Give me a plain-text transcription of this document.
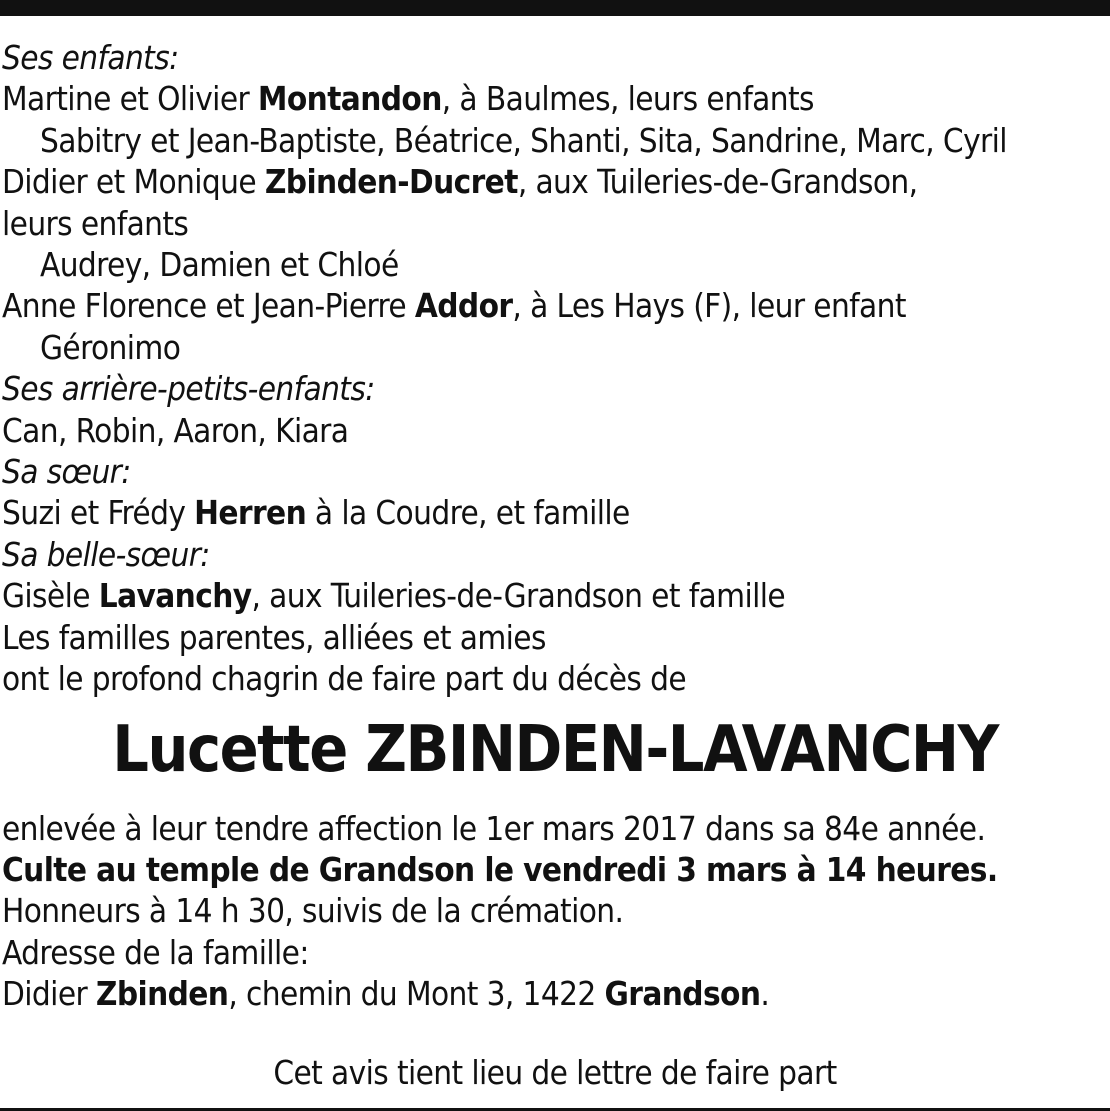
Ses enfants:
Martine et Olivier Montandon, à Baulmes, leurs enfants
Sabitry et Jean-Baptiste, Béatrice, Shanti, Sita, Sandrine, Marc, Cyril
Didier et Monique Zbinden-Ducret, aux Tuileries-de-Grandson,
leurs enfants
Audrey, Damien et Chloé
Anne Florence et Jean-Pierre Addor, à Les Hays (F), leur enfant
Géronimo
Ses arrière-petits-enfants:
Can, Robin, Aaron, Kiara
Sa sœur:
Suzi et Frédy Herren à la Coudre, et famille
Sa belle-sœur:
Gisèle Lavanchy, aux Tuileries-de-Grandson et famille
Les familles parentes, alliées et amies
ont le profond chagrin de faire part du décès de
Lucette ZBINDEN-LAVANCHY
enlevée à leur tendre affection le 1er mars 2017 dans sa 84e année.
Culte au temple de Grandson le vendredi 3 mars à 14 heures.
Honneurs à 14 h 30, suivis de la crémation.
Adresse de la famille:
Didier Zbinden, chemin du Mont 3, 1422 Grandson.
Cet avis tient lieu de lettre de faire part
